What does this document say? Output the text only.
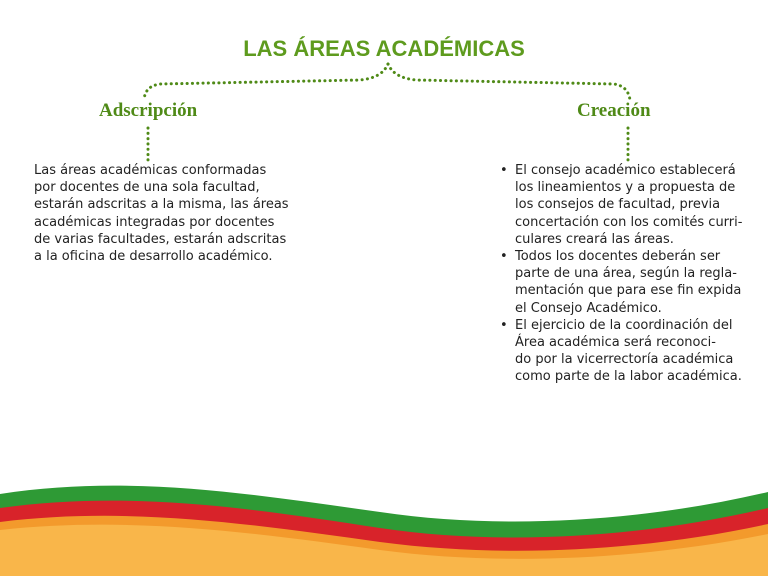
LAS ÁREAS ACADÉMICAS
Adscripción	Creación
Las áreas académicas conformadas
por docentes de una sola facultad,
estarán adscritas a la misma, las áreas
académicas integradas por docentes
de varias facultades, estarán adscritas
a la oficina de desarrollo académico.
• El consejo académico establecerá
los lineamientos y a propuesta de
los consejos de facultad, previa
concertación con los comités curri-
culares creará las áreas.
• Todos los docentes deberán ser
parte de una área, según la regla-
mentación que para ese fin expida
el Consejo Académico.
• El ejercicio de la coordinación del
Área académica será reconoci-
do por la vicerrectoría académica
como parte de la labor académica.
